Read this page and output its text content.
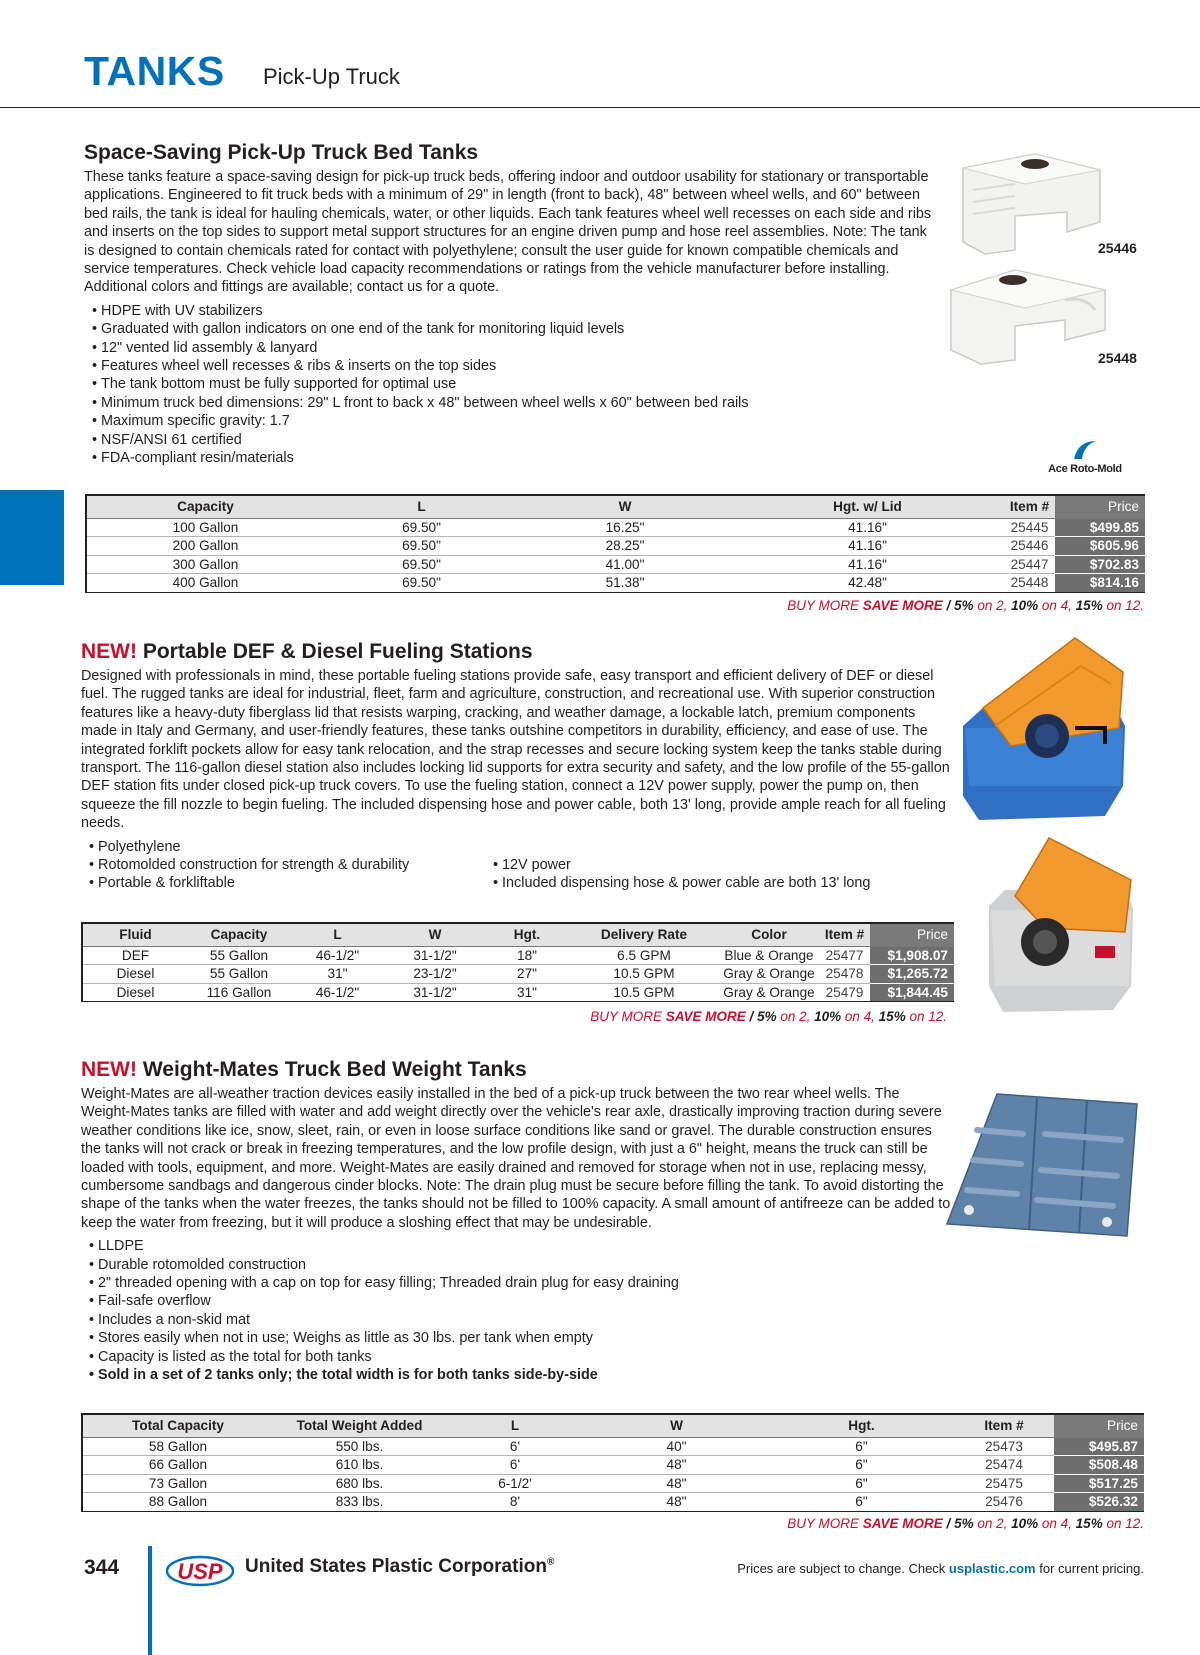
TANKS Pick-Up Truck
Space-Saving Pick-Up Truck Bed Tanks

These tanks feature a space-saving design for pick-up truck beds, offering indoor and outdoor usability for stationary or transportable applications. Engineered to fit truck beds with a minimum of 29" in length (front to back), 48" between wheel wells, and 60" between bed rails, the tank is ideal for hauling chemicals, water, or other liquids. Each tank features wheel well recesses on each side and ribs and inserts on the top sides to support metal support structures for an engine driven pump and hose reel assemblies. Note: The tank is designed to contain chemicals rated for contact with polyethylene; consult the user guide for known compatible chemicals and service temperatures. Check vehicle load capacity recommendations or ratings from the vehicle manufacturer before installing. Additional colors and fittings are available; contact us for a quote.

• HDPE with UV stabilizers
• Graduated with gallon indicators on one end of the tank for monitoring liquid levels
• 12" vented lid assembly & lanyard
• Features wheel well recesses & ribs & inserts on the top sides
• The tank bottom must be fully supported for optimal use
• Minimum truck bed dimensions: 29" L front to back x 48" between wheel wells x 60" between bed rails
• Maximum specific gravity: 1.7
• NSF/ANSI 61 certified
• FDA-compliant resin/materials
25446
25448
Ace Roto-Mold
Capacity	L	W	Hgt. w/ Lid	Item #	Price
100 Gallon	69.50"	16.25"	41.16"	25445	$499.85
200 Gallon	69.50"	28.25"	41.16"	25446	$605.96
300 Gallon	69.50"	41.00"	41.16"	25447	$702.83
400 Gallon	69.50"	51.38"	42.48"	25448	$814.16
BUY MORE SAVE MORE / 5% on 2, 10% on 4, 15% on 12.
NEW! Portable DEF & Diesel Fueling Stations

Designed with professionals in mind, these portable fueling stations provide safe, easy transport and efficient delivery of DEF or diesel fuel. The rugged tanks are ideal for industrial, fleet, farm and agriculture, construction, and recreational use. With superior construction features like a heavy-duty fiberglass lid that resists warping, cracking, and weather damage, a lockable latch, premium components made in Italy and Germany, and user-friendly features, these tanks outshine competitors in durability, efficiency, and ease of use. The integrated forklift pockets allow for easy tank relocation, and the strap recesses and secure locking system keep the tanks stable during transport. The 116-gallon diesel station also includes locking lid supports for extra security and safety, and the low profile of the 55-gallon DEF station fits under closed pick-up truck covers. To use the fueling station, connect a 12V power supply, power the pump on, then squeeze the fill nozzle to begin fueling. The included dispensing hose and power cable, both 13' long, provide ample reach for all fueling needs.

• Polyethylene
• Rotomolded construction for strength & durability
• Portable & forkliftable
• 12V power
• Included dispensing hose & power cable are both 13' long
Fluid	Capacity	L	W	Hgt.	Delivery Rate	Color	Item #	Price
DEF	55 Gallon	46-1/2"	31-1/2"	18"	6.5 GPM	Blue & Orange	25477	$1,908.07
Diesel	55 Gallon	31"	23-1/2"	27"	10.5 GPM	Gray & Orange	25478	$1,265.72
Diesel	116 Gallon	46-1/2"	31-1/2"	31"	10.5 GPM	Gray & Orange	25479	$1,844.45
BUY MORE SAVE MORE / 5% on 2, 10% on 4, 15% on 12.
NEW! Weight-Mates Truck Bed Weight Tanks

Weight-Mates are all-weather traction devices easily installed in the bed of a pick-up truck between the two rear wheel wells. The Weight-Mates tanks are filled with water and add weight directly over the vehicle's rear axle, drastically improving traction during severe weather conditions like ice, snow, sleet, rain, or even in loose surface conditions like sand or gravel. The durable construction ensures the tanks will not crack or break in freezing temperatures, and the low profile design, with just a 6" height, means the truck can still be loaded with tools, equipment, and more. Weight-Mates are easily drained and removed for storage when not in use, replacing messy, cumbersome sandbags and dangerous cinder blocks. Note: The drain plug must be secure before filling the tank. To avoid distorting the shape of the tanks when the water freezes, the tanks should not be filled to 100% capacity. A small amount of antifreeze can be added to keep the water from freezing, but it will produce a sloshing effect that may be undesirable.

• LLDPE
• Durable rotomolded construction
• 2" threaded opening with a cap on top for easy filling; Threaded drain plug for easy draining
• Fail-safe overflow
• Includes a non-skid mat
• Stores easily when not in use; Weighs as little as 30 lbs. per tank when empty
• Capacity is listed as the total for both tanks
• Sold in a set of 2 tanks only; the total width is for both tanks side-by-side
Total Capacity	Total Weight Added	L	W	Hgt.	Item #	Price
58 Gallon	550 lbs.	6'	40"	6"	25473	$495.87
66 Gallon	610 lbs.	6'	48"	6"	25474	$508.48
73 Gallon	680 lbs.	6-1/2'	48"	6"	25475	$517.25
88 Gallon	833 lbs.	8'	48"	6"	25476	$526.32
BUY MORE SAVE MORE / 5% on 2, 10% on 4, 15% on 12.
344	USP United States Plastic Corporation®	Prices are subject to change. Check usplastic.com for current pricing.
